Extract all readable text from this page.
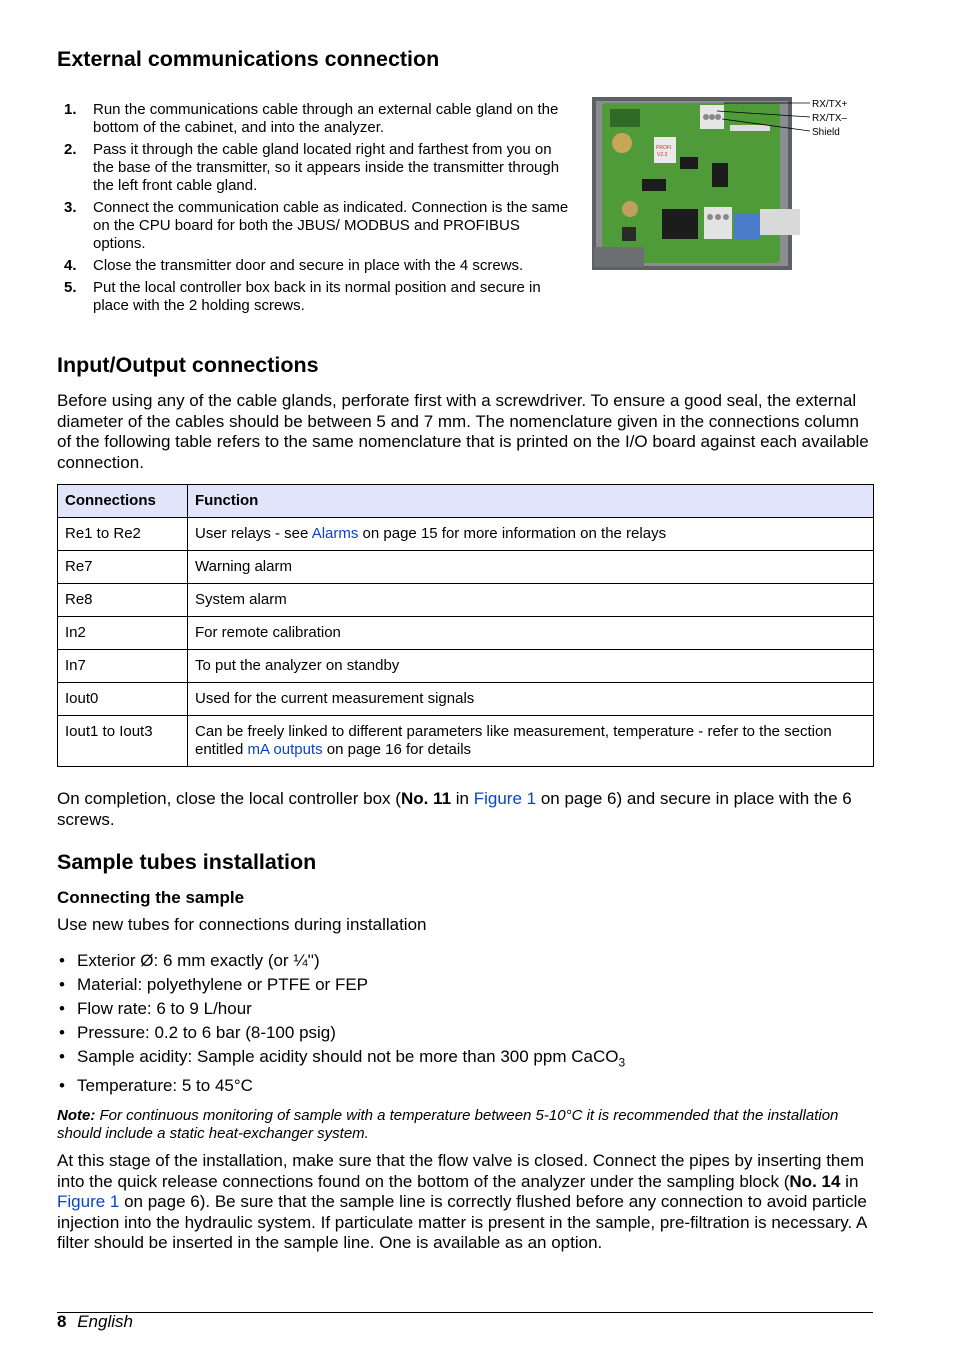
External communications connection
1. Run the communications cable through an external cable gland on the bottom of the cabinet, and into the analyzer.
2. Pass it through the cable gland located right and farthest from you on the base of the transmitter, so it appears inside the transmitter through the left front cable gland.
3. Connect the communication cable as indicated. Connection is the same on the CPU board for both the JBUS/ MODBUS and PROFIBUS options.
4. Close the transmitter door and secure in place with the 4 screws.
5. Put the local controller box back in its normal position and secure in place with the 2 holding screws.
PROFI
V2.3
RX/TX+
RX/TX–
Shield
Input/Output connections
Before using any of the cable glands, perforate first with a screwdriver. To ensure a good seal, the external diameter of the cables should be between 5 and 7 mm. The nomenclature given in the connections column of the following table refers to the same nomenclature that is printed on the I/O board against each available connection.
Connections	Function
Re1 to Re2	User relays - see Alarms on page 15 for more information on the relays
Re7	Warning alarm
Re8	System alarm
In2	For remote calibration
In7	To put the analyzer on standby
Iout0	Used for the current measurement signals
Iout1 to Iout3	Can be freely linked to different parameters like measurement, temperature - refer to the section entitled mA outputs on page 16 for details
On completion, close the local controller box (No. 11 in Figure 1 on page 6) and secure in place with the 6 screws.
Sample tubes installation
Connecting the sample
Use new tubes for connections during installation
• Exterior Ø: 6 mm exactly (or ¼'')
• Material: polyethylene or PTFE or FEP
• Flow rate: 6 to 9 L/hour
• Pressure: 0.2 to 6 bar (8-100 psig)
• Sample acidity: Sample acidity should not be more than 300 ppm CaCO$_3$
• Temperature: 5 to 45°C
Note: For continuous monitoring of sample with a temperature between 5-10°C it is recommended that the installation should include a static heat-exchanger system.
At this stage of the installation, make sure that the flow valve is closed. Connect the pipes by inserting them into the quick release connections found on the bottom of the analyzer under the sampling block (No. 14 in Figure 1 on page 6). Be sure that the sample line is correctly flushed before any connection to avoid particle injection into the hydraulic system. If particulate matter is present in the sample, pre-filtration is necessary. A filter should be inserted in the sample line. One is available as an option.
8 English
